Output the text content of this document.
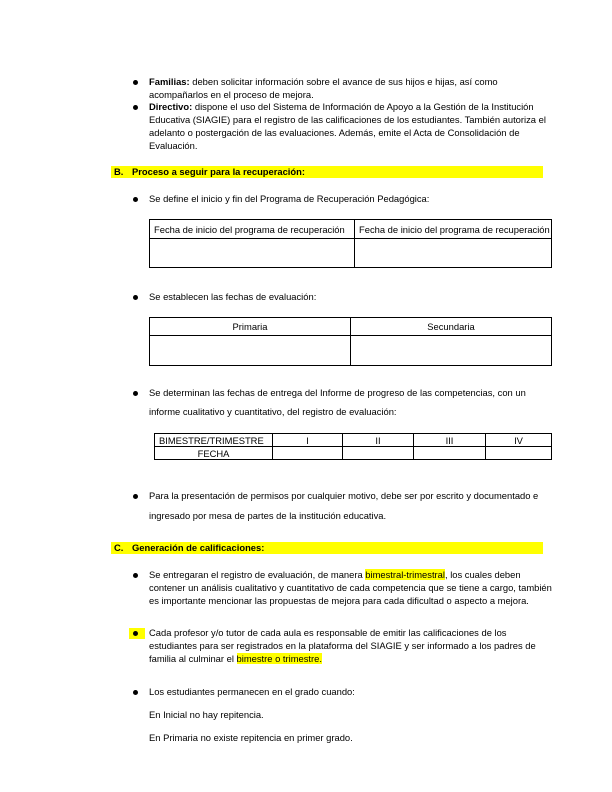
Familias: deben solicitar información sobre el avance de sus hijos e hijas, así como
acompañarlos en el proceso de mejora.
Directivo: dispone el uso del Sistema de Información de Apoyo a la Gestión de la Institución
Educativa (SIAGIE) para el registro de las calificaciones de los estudiantes. También autoriza el
adelanto o postergación de las evaluaciones. Además, emite el Acta de Consolidación de
Evaluación.
B. Proceso a seguir para la recuperación:
Se define el inicio y fin del Programa de Recuperación Pedagógica:
Fecha de inicio del programa de recuperación	Fecha de inicio del programa de recuperación

Se establecen las fechas de evaluación:
Primaria	Secundaria

Se determinan las fechas de entrega del Informe de progreso de las competencias, con un
informe cualitativo y cuantitativo, del registro de evaluación:
BIMESTRE/TRIMESTRE	I	II	III	IV
FECHA				
Para la presentación de permisos por cualquier motivo, debe ser por escrito y documentado e
ingresado por mesa de partes de la institución educativa.
C. Generación de calificaciones:
Se entregaran el registro de evaluación, de manera bimestral-trimestral, los cuales deben
contener un análisis cualitativo y cuantitativo de cada competencia que se tiene a cargo, también
es importante mencionar las propuestas de mejora para cada dificultad o aspecto a mejora.
Cada profesor y/o tutor de cada aula es responsable de emitir las calificaciones de los
estudiantes para ser registrados en la plataforma del SIAGIE y ser informado a los padres de
familia al culminar el bimestre o trimestre.
Los estudiantes permanecen en el grado cuando:
En Inicial no hay repitencia.
En Primaria no existe repitencia en primer grado.
